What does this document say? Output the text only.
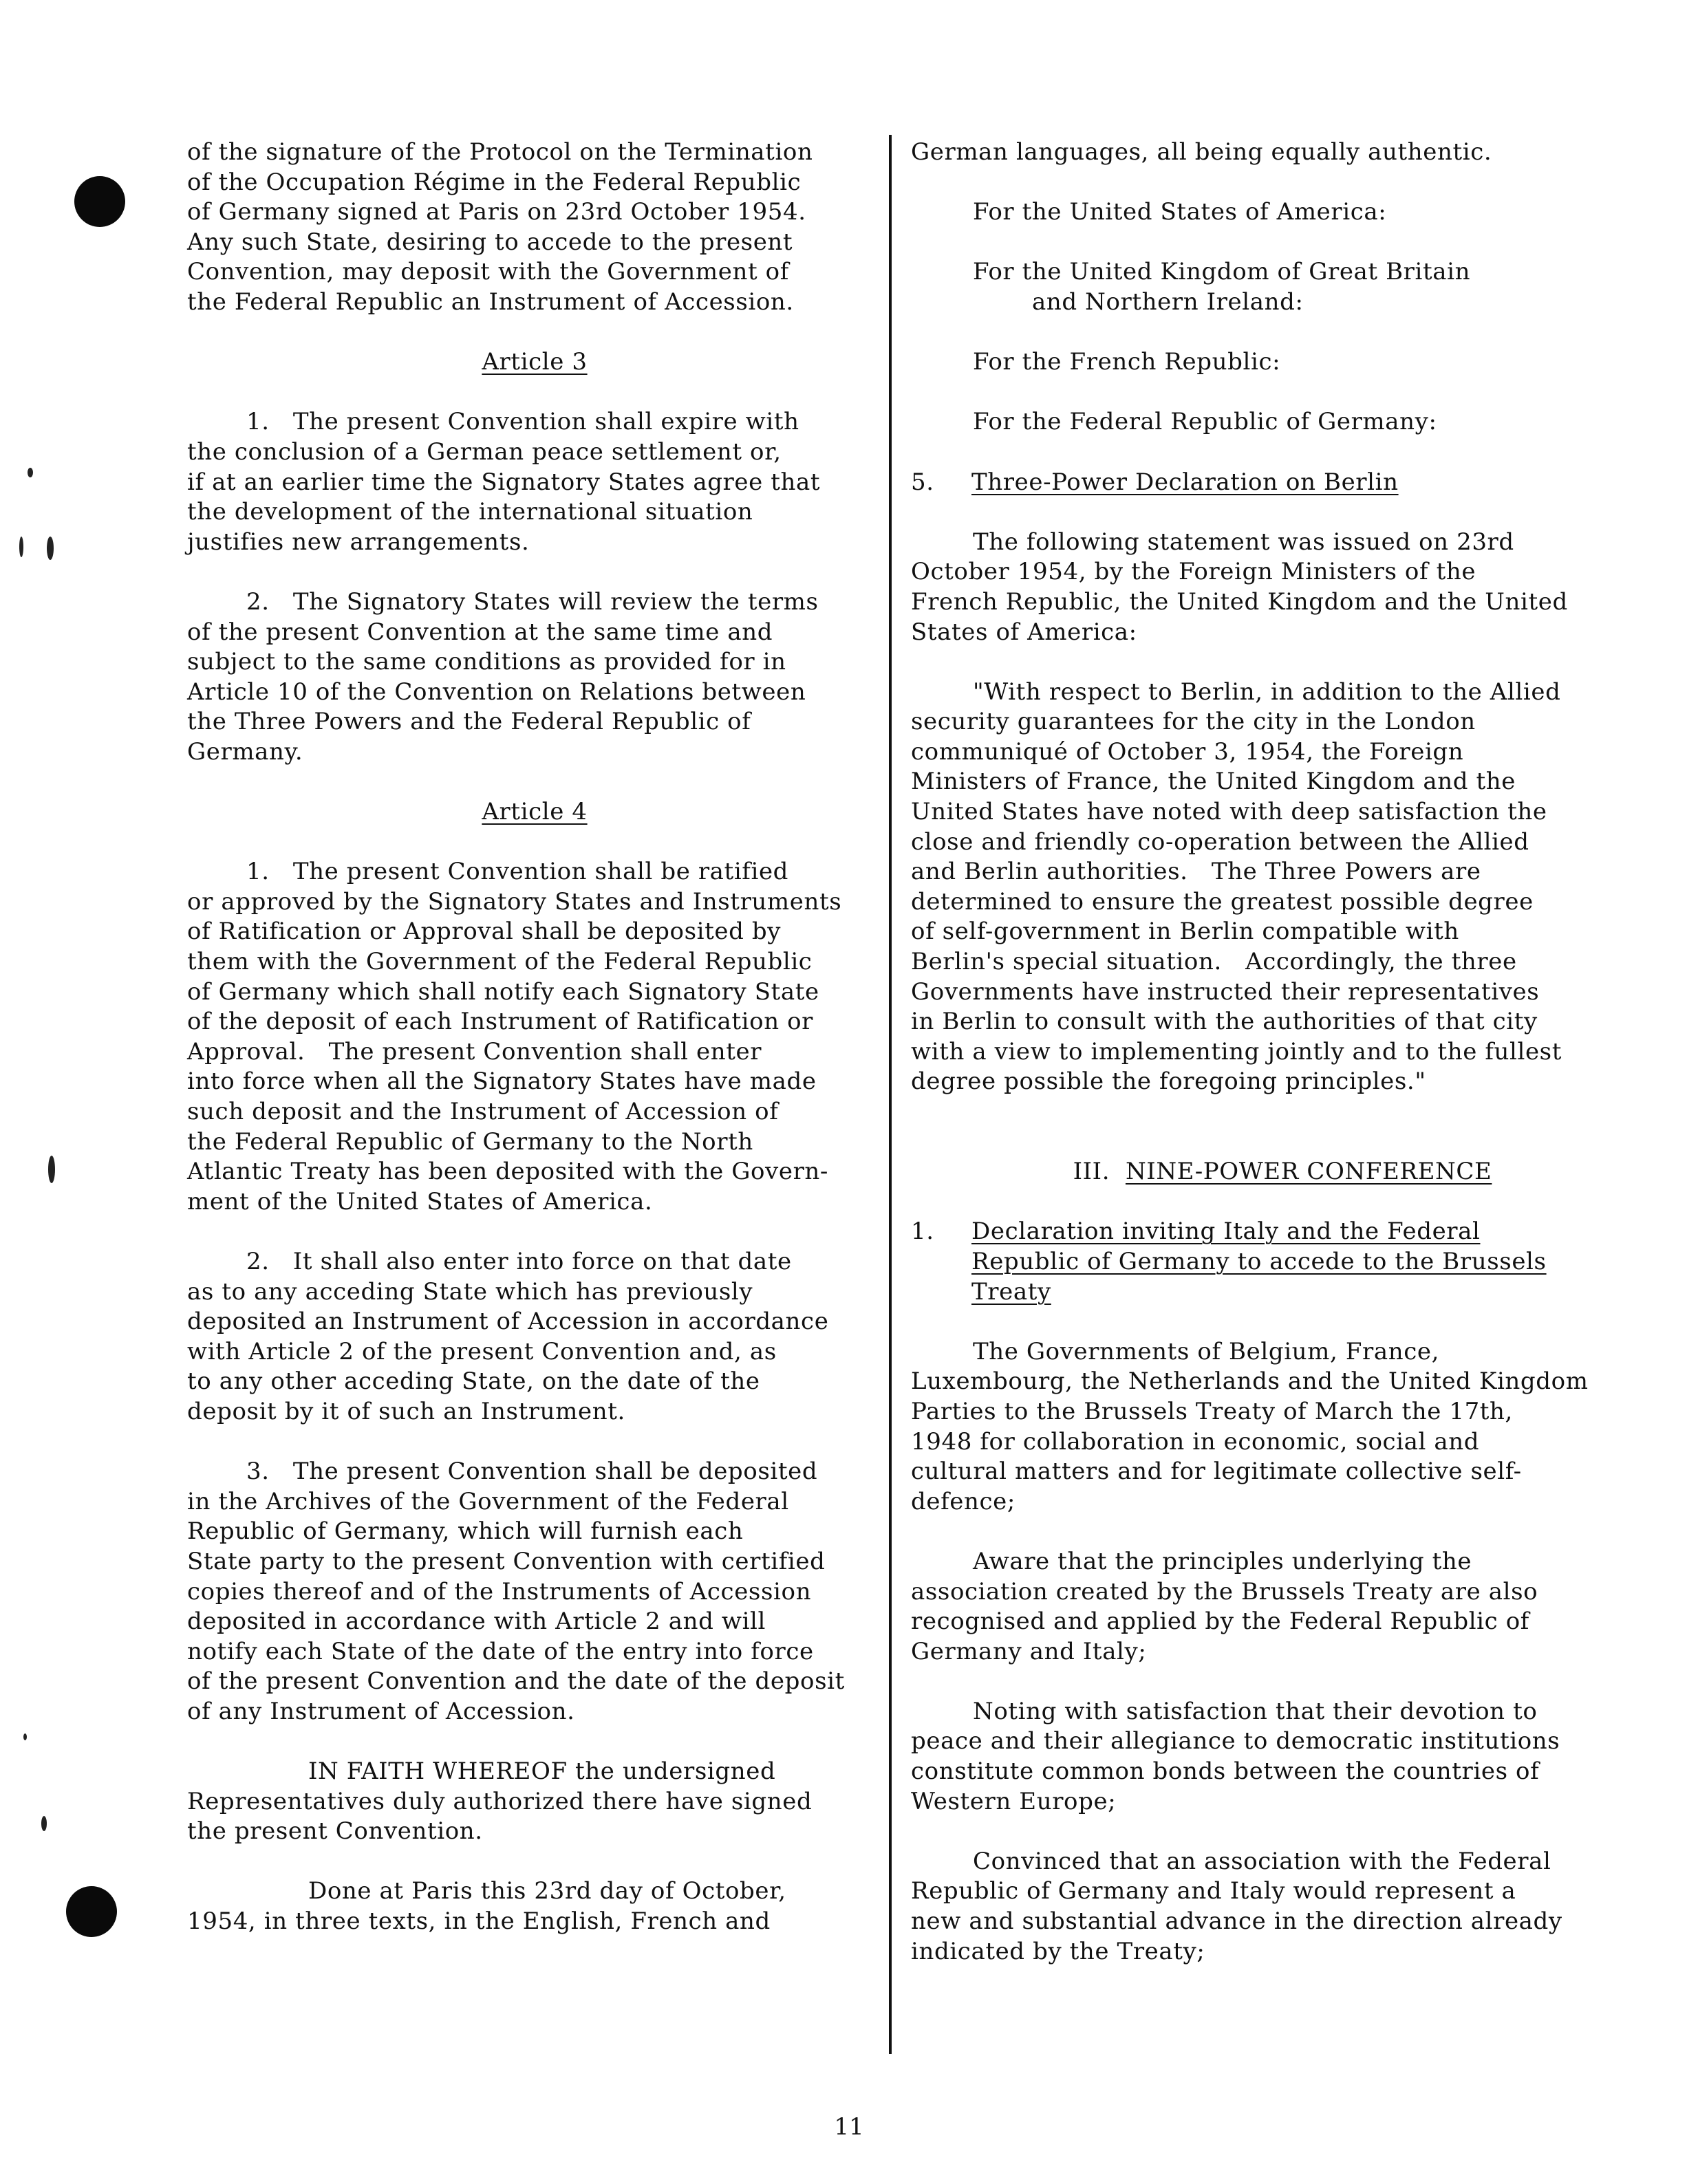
of the signature of the Protocol on the Termination
of the Occupation Régime in the Federal Republic
of Germany signed at Paris on 23rd October 1954.
Any such State, desiring to accede to the present
Convention, may deposit with the Government of
the Federal Republic an Instrument of Accession.
Article 3
1.   The present Convention shall expire with
the conclusion of a German peace settlement or,
if at an earlier time the Signatory States agree that
the development of the international situation
justifies new arrangements.
2.   The Signatory States will review the terms
of the present Convention at the same time and
subject to the same conditions as provided for in
Article 10 of the Convention on Relations between
the Three Powers and the Federal Republic of
Germany.
Article 4
1.   The present Convention shall be ratified
or approved by the Signatory States and Instruments
of Ratification or Approval shall be deposited by
them with the Government of the Federal Republic
of Germany which shall notify each Signatory State
of the deposit of each Instrument of Ratification or
Approval.   The present Convention shall enter
into force when all the Signatory States have made
such deposit and the Instrument of Accession of
the Federal Republic of Germany to the North
Atlantic Treaty has been deposited with the Govern-
ment of the United States of America.
2.   It shall also enter into force on that date
as to any acceding State which has previously
deposited an Instrument of Accession in accordance
with Article 2 of the present Convention and, as
to any other acceding State, on the date of the
deposit by it of such an Instrument.
3.   The present Convention shall be deposited
in the Archives of the Government of the Federal
Republic of Germany, which will furnish each
State party to the present Convention with certified
copies thereof and of the Instruments of Accession
deposited in accordance with Article 2 and will
notify each State of the date of the entry into force
of the present Convention and the date of the deposit
of any Instrument of Accession.
IN FAITH WHEREOF the undersigned
Representatives duly authorized there have signed
the present Convention.
Done at Paris this 23rd day of October,
1954, in three texts, in the English, French and
German languages, all being equally authentic.
For the United States of America:
For the United Kingdom of Great Britain
and Northern Ireland:
For the French Republic:
For the Federal Republic of Germany:
5. Three-Power Declaration on Berlin
The following statement was issued on 23rd
October 1954, by the Foreign Ministers of the
French Republic, the United Kingdom and the United
States of America:
"With respect to Berlin, in addition to the Allied
security guarantees for the city in the London
communiqué of October 3, 1954, the Foreign
Ministers of France, the United Kingdom and the
United States have noted with deep satisfaction the
close and friendly co-operation between the Allied
and Berlin authorities.   The Three Powers are
determined to ensure the greatest possible degree
of self-government in Berlin compatible with
Berlin's special situation.   Accordingly, the three
Governments have instructed their representatives
in Berlin to consult with the authorities of that city
with a view to implementing jointly and to the fullest
degree possible the foregoing principles."
III. NINE-POWER CONFERENCE
1. Declaration inviting Italy and the Federal
Republic of Germany to accede to the Brussels
Treaty
The Governments of Belgium, France,
Luxembourg, the Netherlands and the United Kingdom
Parties to the Brussels Treaty of March the 17th,
1948 for collaboration in economic, social and
cultural matters and for legitimate collective self-
defence;
Aware that the principles underlying the
association created by the Brussels Treaty are also
recognised and applied by the Federal Republic of
Germany and Italy;
Noting with satisfaction that their devotion to
peace and their allegiance to democratic institutions
constitute common bonds between the countries of
Western Europe;
Convinced that an association with the Federal
Republic of Germany and Italy would represent a
new and substantial advance in the direction already
indicated by the Treaty;
11
